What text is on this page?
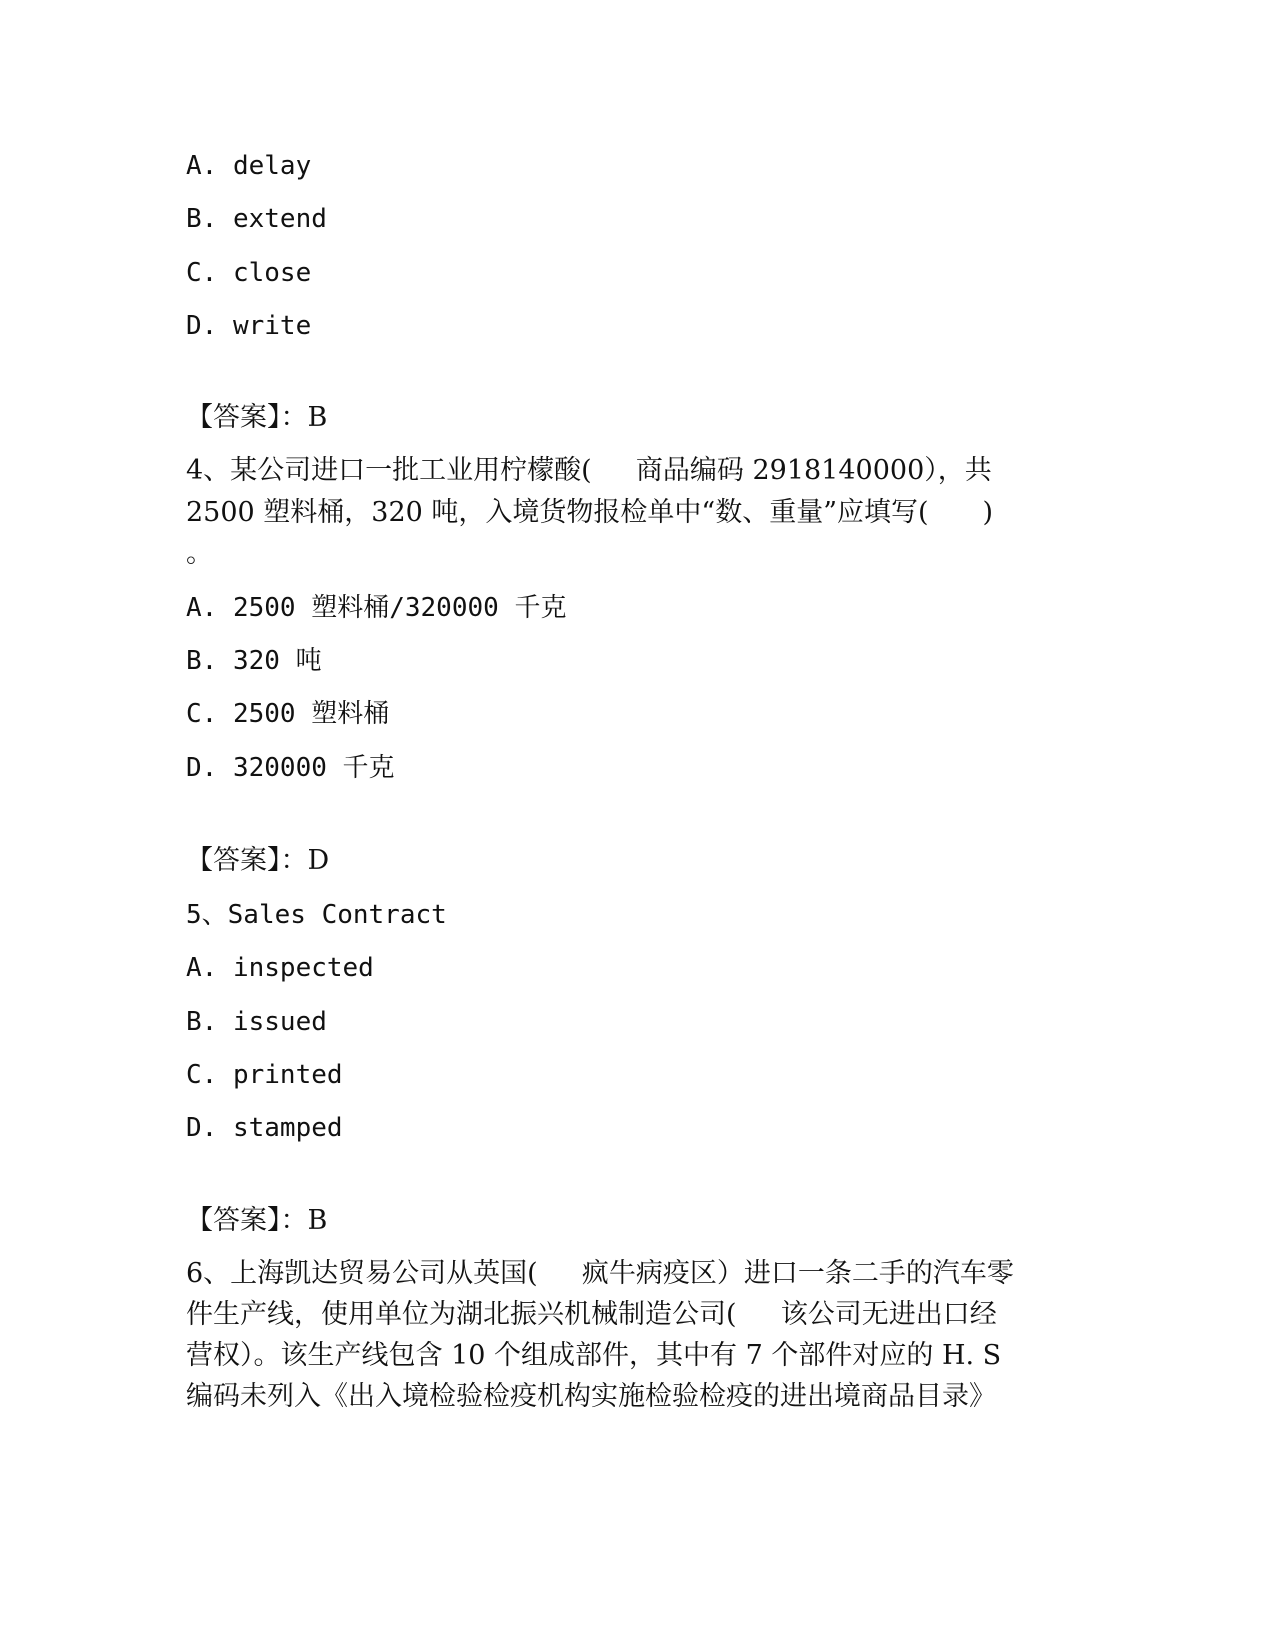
A. delay
B. extend
C. close
D. write
【答案】：B
4、某公司进口一批工业用柠檬酸(　  商品编码 2918140000），共
2500 塑料桶，320 吨，入境货物报检单中“数、重量”应填写(　　)
。
A. 2500 塑料桶/320000 千克
B. 320 吨
C. 2500 塑料桶
D. 320000 千克
【答案】：D
5、Sales Contract
A. inspected
B. issued
C. printed
D. stamped
【答案】：B
6、上海凯达贸易公司从英国(　  疯牛病疫区）进口一条二手的汽车零
件生产线，使用单位为湖北振兴机械制造公司(　  该公司无进出口经
营权）。该生产线包含 10 个组成部件，其中有 7 个部件对应的 H. S
编码未列入《出入境检验检疫机构实施检验检疫的进出境商品目录》
